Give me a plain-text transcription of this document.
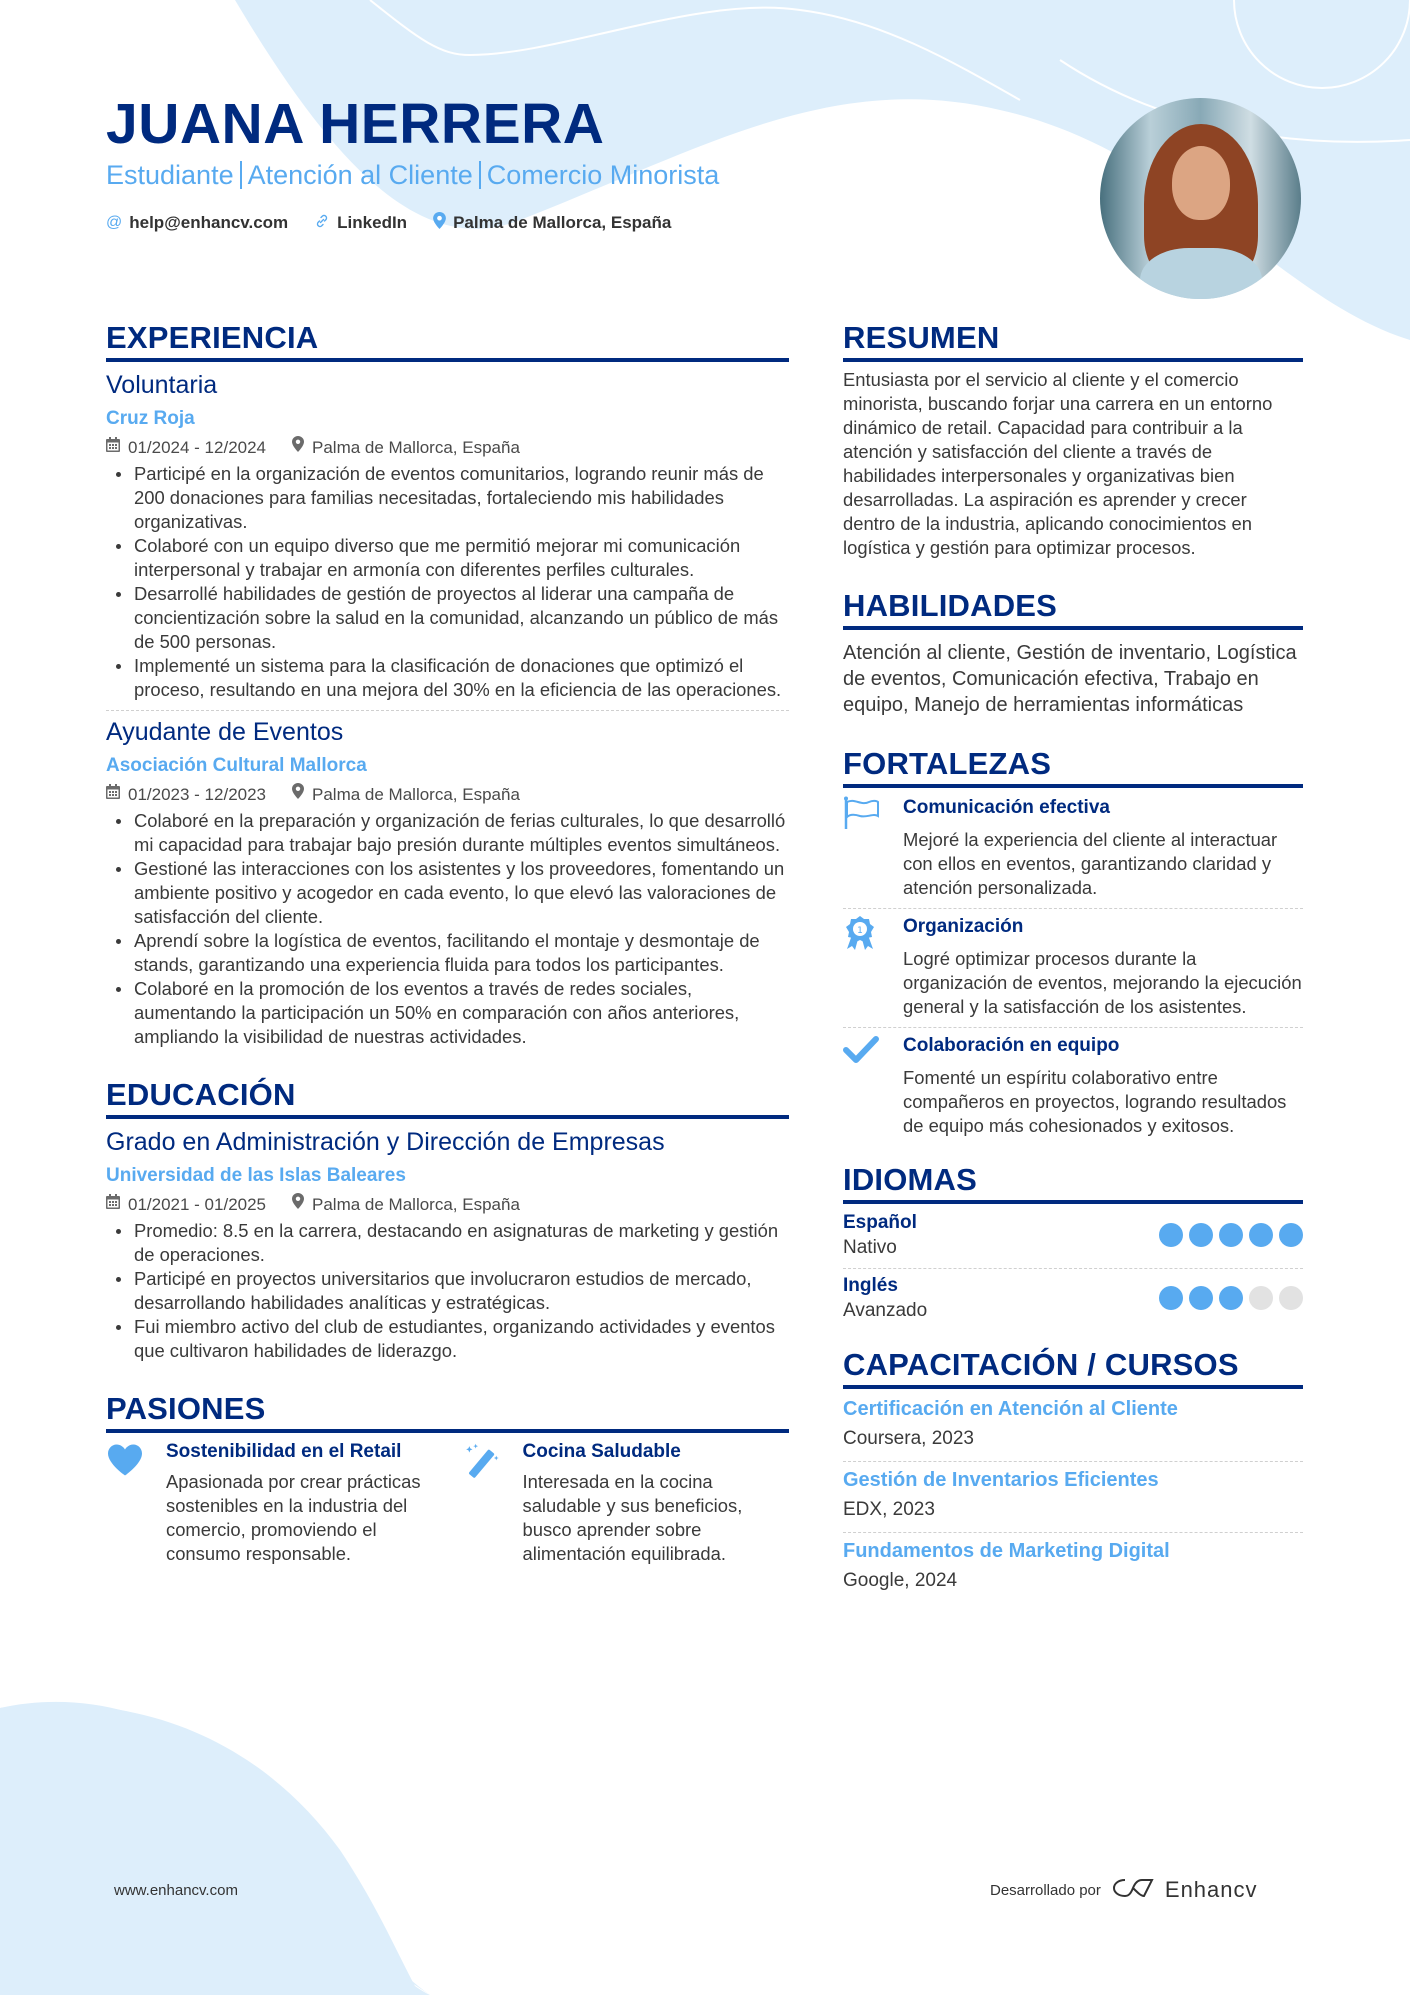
JUANA HERRERA
Estudiante Atención al Cliente Comercio Minorista
@ help@enhancv.com	LinkedIn	Palma de Mallorca, España
EXPERIENCIA
Voluntaria
Cruz Roja
01/2024 - 12/2024	Palma de Mallorca, España
Participé en la organización de eventos comunitarios, logrando reunir más de 200 donaciones para familias necesitadas, fortaleciendo mis habilidades organizativas.
Colaboré con un equipo diverso que me permitió mejorar mi comunicación interpersonal y trabajar en armonía con diferentes perfiles culturales.
Desarrollé habilidades de gestión de proyectos al liderar una campaña de concientización sobre la salud en la comunidad, alcanzando un público de más de 500 personas.
Implementé un sistema para la clasificación de donaciones que optimizó el proceso, resultando en una mejora del 30% en la eficiencia de las operaciones.
Ayudante de Eventos
Asociación Cultural Mallorca
01/2023 - 12/2023	Palma de Mallorca, España
Colaboré en la preparación y organización de ferias culturales, lo que desarrolló mi capacidad para trabajar bajo presión durante múltiples eventos simultáneos.
Gestioné las interacciones con los asistentes y los proveedores, fomentando un ambiente positivo y acogedor en cada evento, lo que elevó las valoraciones de satisfacción del cliente.
Aprendí sobre la logística de eventos, facilitando el montaje y desmontaje de stands, garantizando una experiencia fluida para todos los participantes.
Colaboré en la promoción de los eventos a través de redes sociales, aumentando la participación un 50% en comparación con años anteriores, ampliando la visibilidad de nuestras actividades.
EDUCACIÓN
Grado en Administración y Dirección de Empresas
Universidad de las Islas Baleares
01/2021 - 01/2025	Palma de Mallorca, España
Promedio: 8.5 en la carrera, destacando en asignaturas de marketing y gestión de operaciones.
Participé en proyectos universitarios que involucraron estudios de mercado, desarrollando habilidades analíticas y estratégicas.
Fui miembro activo del club de estudiantes, organizando actividades y eventos que cultivaron habilidades de liderazgo.
PASIONES
Sostenibilidad en el Retail
Apasionada por crear prácticas sostenibles en la industria del comercio, promoviendo el consumo responsable.
Cocina Saludable
Interesada en la cocina saludable y sus beneficios, busco aprender sobre alimentación equilibrada.
RESUMEN
Entusiasta por el servicio al cliente y el comercio minorista, buscando forjar una carrera en un entorno dinámico de retail. Capacidad para contribuir a la atención y satisfacción del cliente a través de habilidades interpersonales y organizativas bien desarrolladas. La aspiración es aprender y crecer dentro de la industria, aplicando conocimientos en logística y gestión para optimizar procesos.
HABILIDADES
Atención al cliente, Gestión de inventario, Logística de eventos, Comunicación efectiva, Trabajo en equipo, Manejo de herramientas informáticas
FORTALEZAS
Comunicación efectiva
Mejoré la experiencia del cliente al interactuar con ellos en eventos, garantizando claridad y atención personalizada.
1 Organización
Logré optimizar procesos durante la organización de eventos, mejorando la ejecución general y la satisfacción de los asistentes.
Colaboración en equipo
Fomenté un espíritu colaborativo entre compañeros en proyectos, logrando resultados de equipo más cohesionados y exitosos.
IDIOMAS
Español
Nativo
Inglés
Avanzado
CAPACITACIÓN / CURSOS
Certificación en Atención al Cliente
Coursera, 2023
Gestión de Inventarios Eficientes
EDX, 2023
Fundamentos de Marketing Digital
Google, 2024
www.enhancv.com	Desarrollado por	Enhancv
